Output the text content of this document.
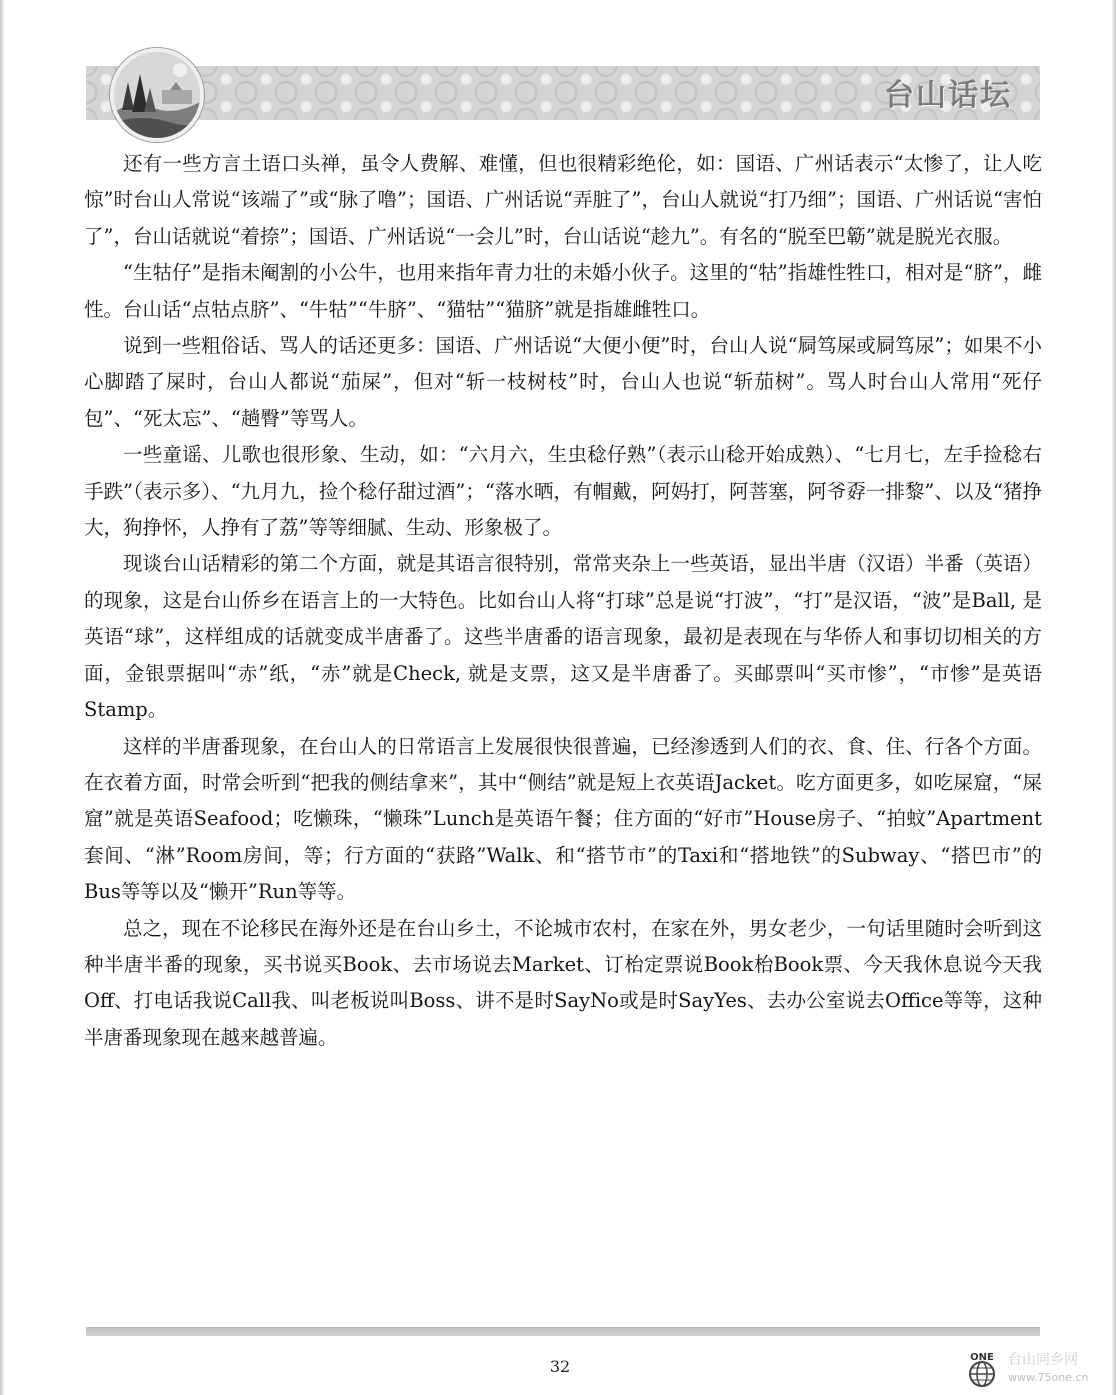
台山话坛

还有一些方言土语口头禅，虽令人费解、难懂，但也很精彩绝伦，如：国语、广州话表示“太惨了，让人吃惊”时台山人常说“该端了”或“脉了噜”；国语、广州话说“弄脏了”，台山人就说“打乃细”；国语、广州话说“害怕了”，台山话就说“着捺”；国语、广州话说“一会儿”时，台山话说“趁九”。有名的“脱至巴簕”就是脱光衣服。

“生牯仔”是指未阉割的小公牛，也用来指年青力壮的未婚小伙子。这里的“牯”指雄性牲口，相对是“脐”，雌性。台山话“点牯点脐”、“牛牯”“牛脐”、“猫牯”“猫脐”就是指雄雌牲口。

说到一些粗俗话、骂人的话还更多：国语、广州话说“大便小便”时，台山人说“屙笃屎或屙笃尿”；如果不小心脚踏了屎时，台山人都说“茄屎”，但对“斩一枝树枝”时，台山人也说“斩茄树”。骂人时台山人常用“死仔包”、“死太忘”、“趟臀”等骂人。

一些童谣、儿歌也很形象、生动，如：“六月六，生虫稔仔熟”（表示山稔开始成熟）、“七月七，左手捡稔右手跌”（表示多）、“九月九，捡个稔仔甜过酒”；“落水晒，有帽戴，阿妈打，阿菩塞，阿爷孬一排黎”、以及“猪挣大，狗挣怀，人挣有了荔”等等细腻、生动、形象极了。

现谈台山话精彩的第二个方面，就是其语言很特别，常常夹杂上一些英语，显出半唐（汉语）半番（英语）的现象，这是台山侨乡在语言上的一大特色。比如台山人将“打球”总是说“打波”，“打”是汉语，“波”是Ball, 是英语“球”，这样组成的话就变成半唐番了。这些半唐番的语言现象，最初是表现在与华侨人和事切切相关的方面，金银票据叫“赤”纸，“赤”就是Check, 就是支票，这又是半唐番了。买邮票叫“买市惨”，“市惨”是英语Stamp。

这样的半唐番现象，在台山人的日常语言上发展很快很普遍，已经渗透到人们的衣、食、住、行各个方面。在衣着方面，时常会听到“把我的侧结拿来”，其中“侧结”就是短上衣英语Jacket。吃方面更多，如吃屎窟，“屎窟”就是英语Seafood；吃懒珠，“懒珠”Lunch是英语午餐；住方面的“好市”House房子、“拍蚊”Apartment套间、“淋”Room房间，等；行方面的“获路”Walk、和“搭节市”的Taxi和“搭地铁”的Subway、“搭巴市”的Bus等等以及“懒开”Run等等。

总之，现在不论移民在海外还是在台山乡土，不论城市农村，在家在外，男女老少，一句话里随时会听到这种半唐半番的现象，买书说买Book、去市场说去Market、订枱定票说Book枱Book票、今天我休息说今天我Off、打电话我说Call我、叫老板说叫Boss、讲不是时SayNo或是时SayYes、去办公室说去Office等等，这种半唐番现象现在越来越普遍。

32	ONE 台山同乡网
www.75one.cn
